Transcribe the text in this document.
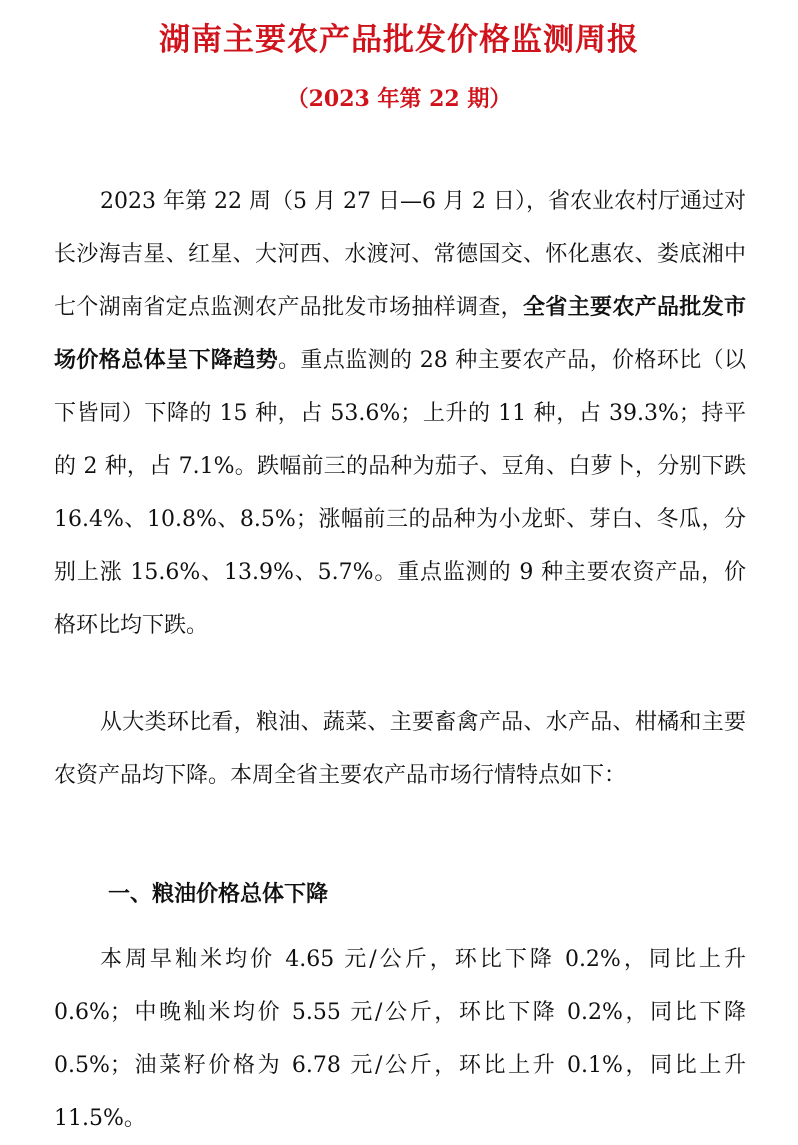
湖南主要农产品批发价格监测周报
（2023 年第 22 期）

2023 年第 22 周（5 月 27 日—6 月 2 日），省农业农村厅通过对长沙海吉星、红星、大河西、水渡河、常德国交、怀化惠农、娄底湘中七个湖南省定点监测农产品批发市场抽样调查，全省主要农产品批发市场价格总体呈下降趋势。重点监测的 28 种主要农产品，价格环比（以下皆同）下降的 15 种，占 53.6%；上升的 11 种，占 39.3%；持平的 2 种，占 7.1%。跌幅前三的品种为茄子、豆角、白萝卜，分别下跌 16.4%、10.8%、8.5%；涨幅前三的品种为小龙虾、芽白、冬瓜，分别上涨 15.6%、13.9%、5.7%。重点监测的 9 种主要农资产品，价格环比均下跌。

从大类环比看，粮油、蔬菜、主要畜禽产品、水产品、柑橘和主要农资产品均下降。本周全省主要农产品市场行情特点如下：

一、粮油价格总体下降

本周早籼米均价 4.65 元/公斤，环比下降 0.2%，同比上升 0.6%；中晚籼米均价 5.55 元/公斤，环比下降 0.2%，同比下降 0.5%；油菜籽价格为 6.78 元/公斤，环比上升 0.1%，同比上升 11.5%。
